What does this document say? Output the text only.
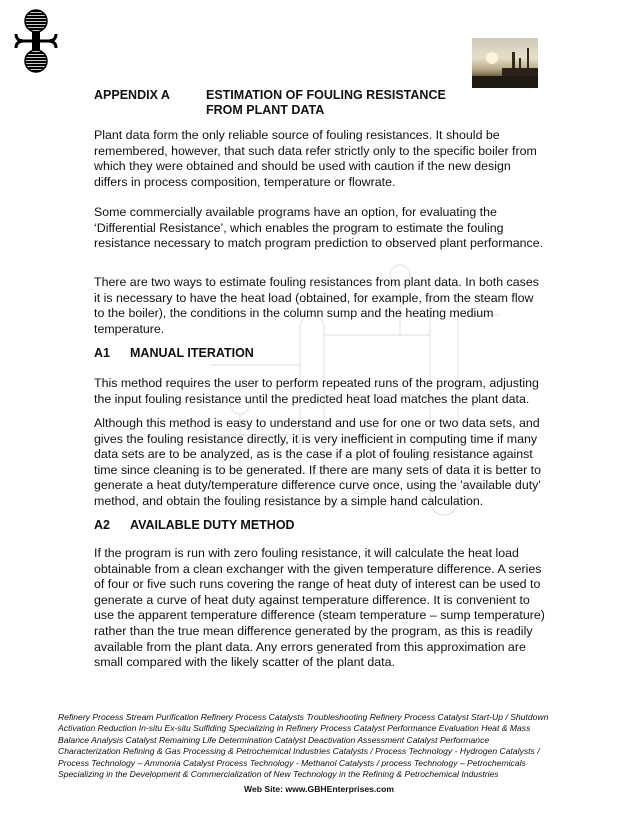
APPENDIX A	ESTIMATION OF FOULING RESISTANCE FROM PLANT DATA

Plant data form the only reliable source of fouling resistances. It should be remembered, however, that such data refer strictly only to the specific boiler from which they were obtained and should be used with caution if the new design differs in process composition, temperature or flowrate.

Some commercially available programs have an option, for evaluating the ‘Differential Resistance’, which enables the program to estimate the fouling resistance necessary to match program prediction to observed plant performance.

There are two ways to estimate fouling resistances from plant data. In both cases it is necessary to have the heat load (obtained, for example, from the steam flow to the boiler), the conditions in the column sump and the heating medium temperature.

A1 MANUAL ITERATION

This method requires the user to perform repeated runs of the program, adjusting the input fouling resistance until the predicted heat load matches the plant data.

Although this method is easy to understand and use for one or two data sets, and gives the fouling resistance directly, it is very inefficient in computing time if many data sets are to be analyzed, as is the case if a plot of fouling resistance against time since cleaning is to be generated. If there are many sets of data it is better to generate a heat duty/temperature difference curve once, using the 'available duty' method, and obtain the fouling resistance by a simple hand calculation.

A2 AVAILABLE DUTY METHOD

If the program is run with zero fouling resistance, it will calculate the heat load obtainable from a clean exchanger with the given temperature difference. A series of four or five such runs covering the range of heat duty of interest can be used to generate a curve of heat duty against temperature difference. It is convenient to use the apparent temperature difference (steam temperature – sump temperature) rather than the true mean difference generated by the program, as this is readily available from the plant data. Any errors generated from this approximation are small compared with the likely scatter of the plant data.

Refinery Process Stream Purification Refinery Process Catalysts Troubleshooting Refinery Process Catalyst Start-Up / Shutdown Activation Reduction In-situ Ex-situ Sulfiding Specializing in Refinery Process Catalyst Performance Evaluation Heat & Mass Balance Analysis Catalyst Remaining Life Determination Catalyst Deactivation Assessment Catalyst Performance Characterization Refining & Gas Processing & Petrochemical Industries Catalysts / Process Technology - Hydrogen Catalysts / Process Technology – Ammonia Catalyst Process Technology - Methanol Catalysts / process Technology – Petrochemicals Specializing in the Development & Commercialization of New Technology in the Refining & Petrochemical Industries

Web Site: www.GBHEnterprises.com
